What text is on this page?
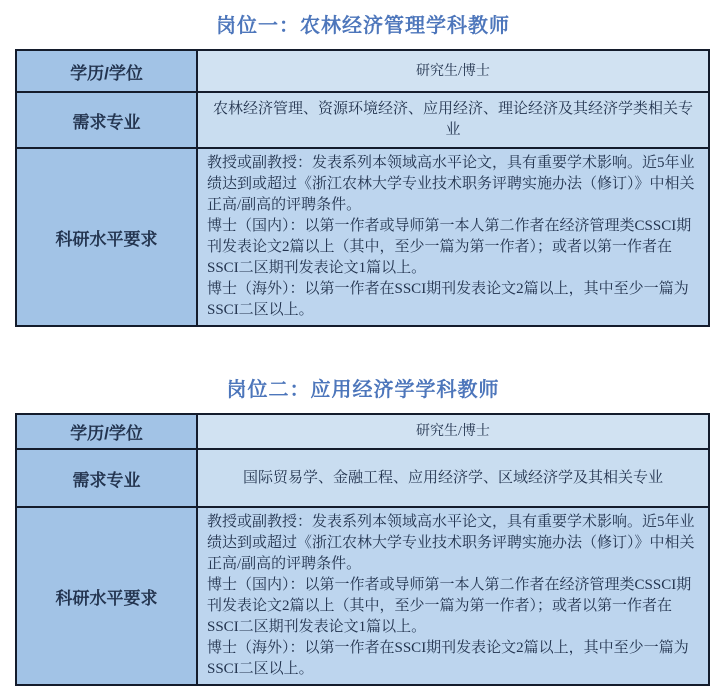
岗位一：农林经济管理学科教师
学历/学位	研究生/博士
需求专业	农林经济管理、资源环境经济、应用经济、理论经济及其经济学类相关专业
科研水平要求	教授或副教授：发表系列本领域高水平论文，具有重要学术影响。近5年业绩达到或超过《浙江农林大学专业技术职务评聘实施办法（修订）》中相关正高/副高的评聘条件。
博士（国内）：以第一作者或导师第一本人第二作者在经济管理类CSSCI期刊发表论文2篇以上（其中，至少一篇为第一作者）；或者以第一作者在SSCI二区期刊发表论文1篇以上。
博士（海外）：以第一作者在SSCI期刊发表论文2篇以上，其中至少一篇为SSCI二区以上。
岗位二：应用经济学学科教师
学历/学位	研究生/博士
需求专业	国际贸易学、金融工程、应用经济学、区域经济学及其相关专业
科研水平要求	教授或副教授：发表系列本领域高水平论文，具有重要学术影响。近5年业绩达到或超过《浙江农林大学专业技术职务评聘实施办法（修订）》中相关正高/副高的评聘条件。
博士（国内）：以第一作者或导师第一本人第二作者在经济管理类CSSCI期刊发表论文2篇以上（其中，至少一篇为第一作者）；或者以第一作者在SSCI二区期刊发表论文1篇以上。
博士（海外）：以第一作者在SSCI期刊发表论文2篇以上，其中至少一篇为SSCI二区以上。
